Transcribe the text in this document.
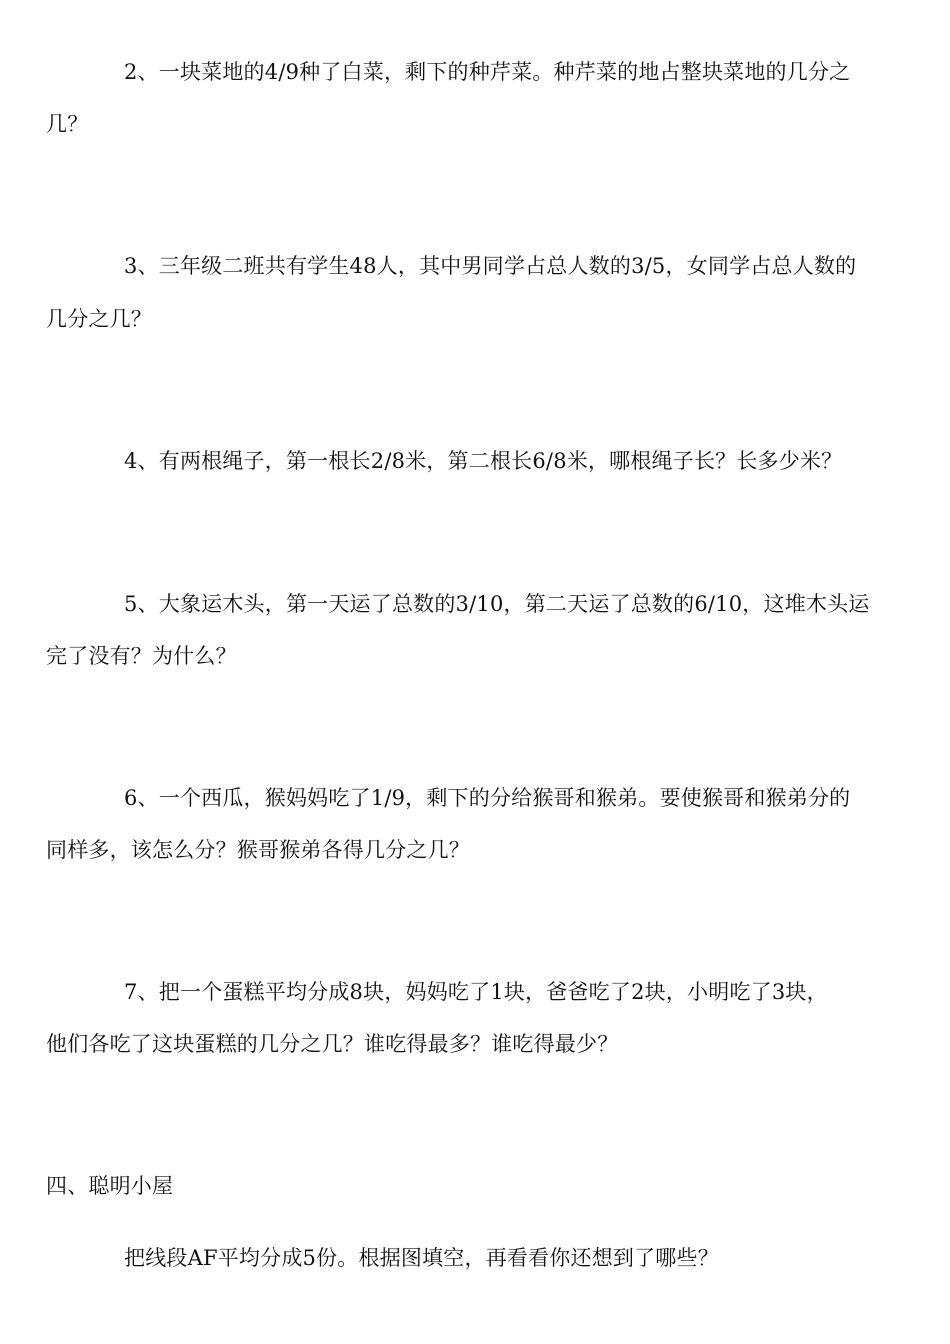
2、一块菜地的4/9种了白菜，剩下的种芹菜。种芹菜的地占整块菜地的几分之
几？
3、三年级二班共有学生48人，其中男同学占总人数的3/5，女同学占总人数的
几分之几？
4、有两根绳子，第一根长2/8米，第二根长6/8米，哪根绳子长？长多少米？
5、大象运木头，第一天运了总数的3/10，第二天运了总数的6/10，这堆木头运
完了没有？为什么？
6、一个西瓜，猴妈妈吃了1/9，剩下的分给猴哥和猴弟。要使猴哥和猴弟分的
同样多，该怎么分？猴哥猴弟各得几分之几？
7、把一个蛋糕平均分成8块，妈妈吃了1块，爸爸吃了2块，小明吃了3块，
他们各吃了这块蛋糕的几分之几？谁吃得最多？谁吃得最少？
四、聪明小屋
把线段AF平均分成5份。根据图填空，再看看你还想到了哪些？
